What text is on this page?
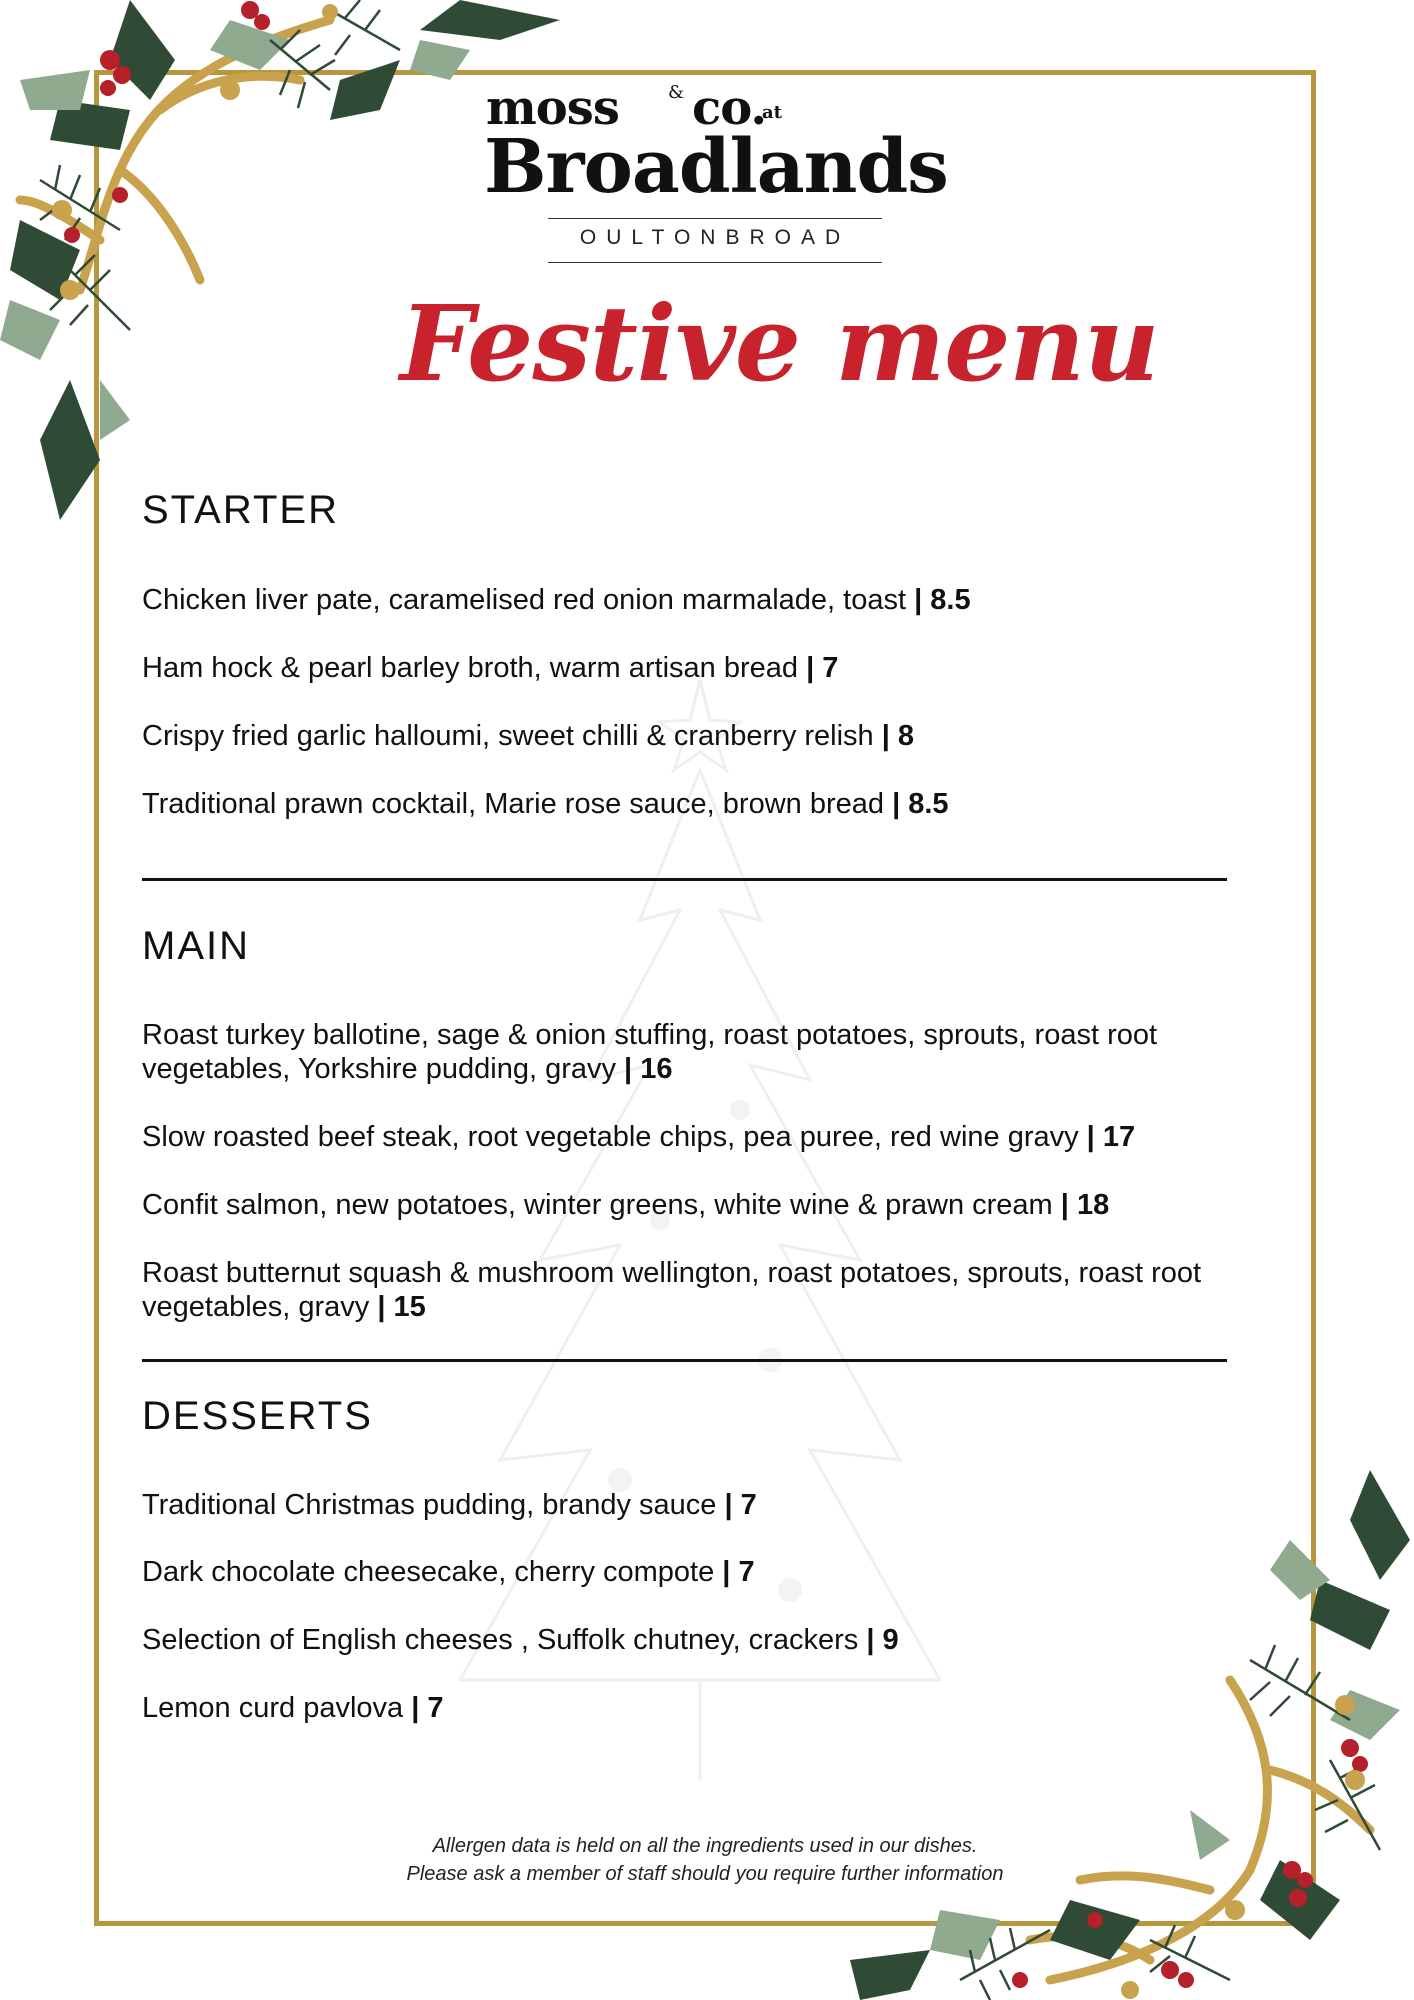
moss	& co.
at
Broadlands
OULTONBROAD
Festive menu
STARTER
Chicken liver pate, caramelised red onion marmalade, toast | 8.5
Ham hock & pearl barley broth, warm artisan bread | 7
Crispy fried garlic halloumi, sweet chilli & cranberry relish | 8
Traditional prawn cocktail, Marie rose sauce, brown bread | 8.5
MAIN
Roast turkey ballotine, sage & onion stuffing, roast potatoes, sprouts, roast root vegetables, Yorkshire pudding, gravy | 16
Slow roasted beef steak, root vegetable chips, pea puree, red wine gravy | 17
Confit salmon, new potatoes, winter greens, white wine & prawn cream | 18
Roast butternut squash & mushroom wellington, roast potatoes, sprouts, roast root vegetables, gravy | 15
DESSERTS
Traditional Christmas pudding, brandy sauce | 7
Dark chocolate cheesecake, cherry compote | 7
Selection of English cheeses , Suffolk chutney, crackers | 9
Lemon curd pavlova | 7
Allergen data is held on all the ingredients used in our dishes.
Please ask a member of staff should you require further information
